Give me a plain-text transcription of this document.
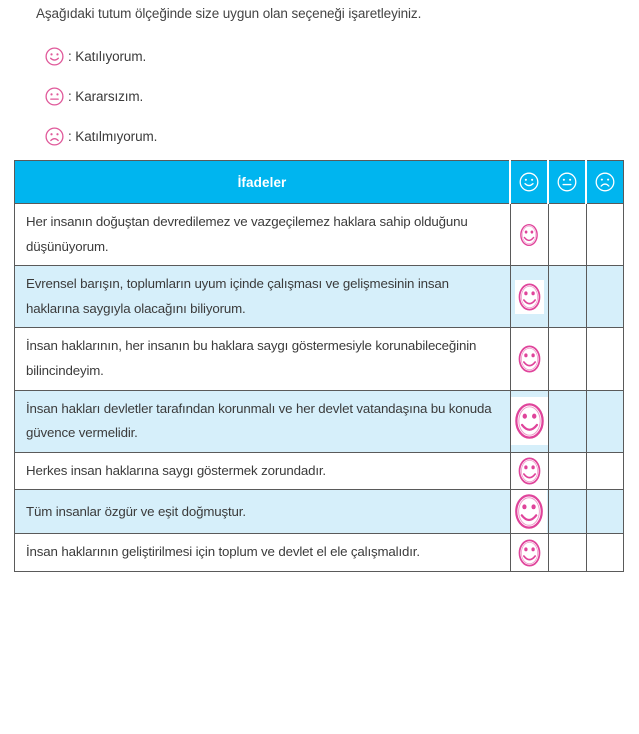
Aşağıdaki tutum ölçeğinde size uygun olan seçeneği işaretleyiniz.
: Katılıyorum.
: Kararsızım.
: Katılmıyorum.
İfadeler	

Her insanın doğuştan devredilemez ve vazgeçilemez haklara sahip olduğunu düşünüyorum.	

Evrensel barışın, toplumların uyum içinde çalışması ve gelişmesinin insan haklarına saygıyla olacağını biliyorum.	

İnsan haklarının, her insanın bu haklara saygı göstermesiyle korunabileceğinin bilincindeyim.	

İnsan hakları devletler tarafından korunmalı ve her devlet vatandaşına bu konuda güvence vermelidir.	

Herkes insan haklarına saygı göstermek zorundadır.	

Tüm insanlar özgür ve eşit doğmuştur.	

İnsan haklarının geliştirilmesi için toplum ve devlet el ele çalışmalıdır.	
